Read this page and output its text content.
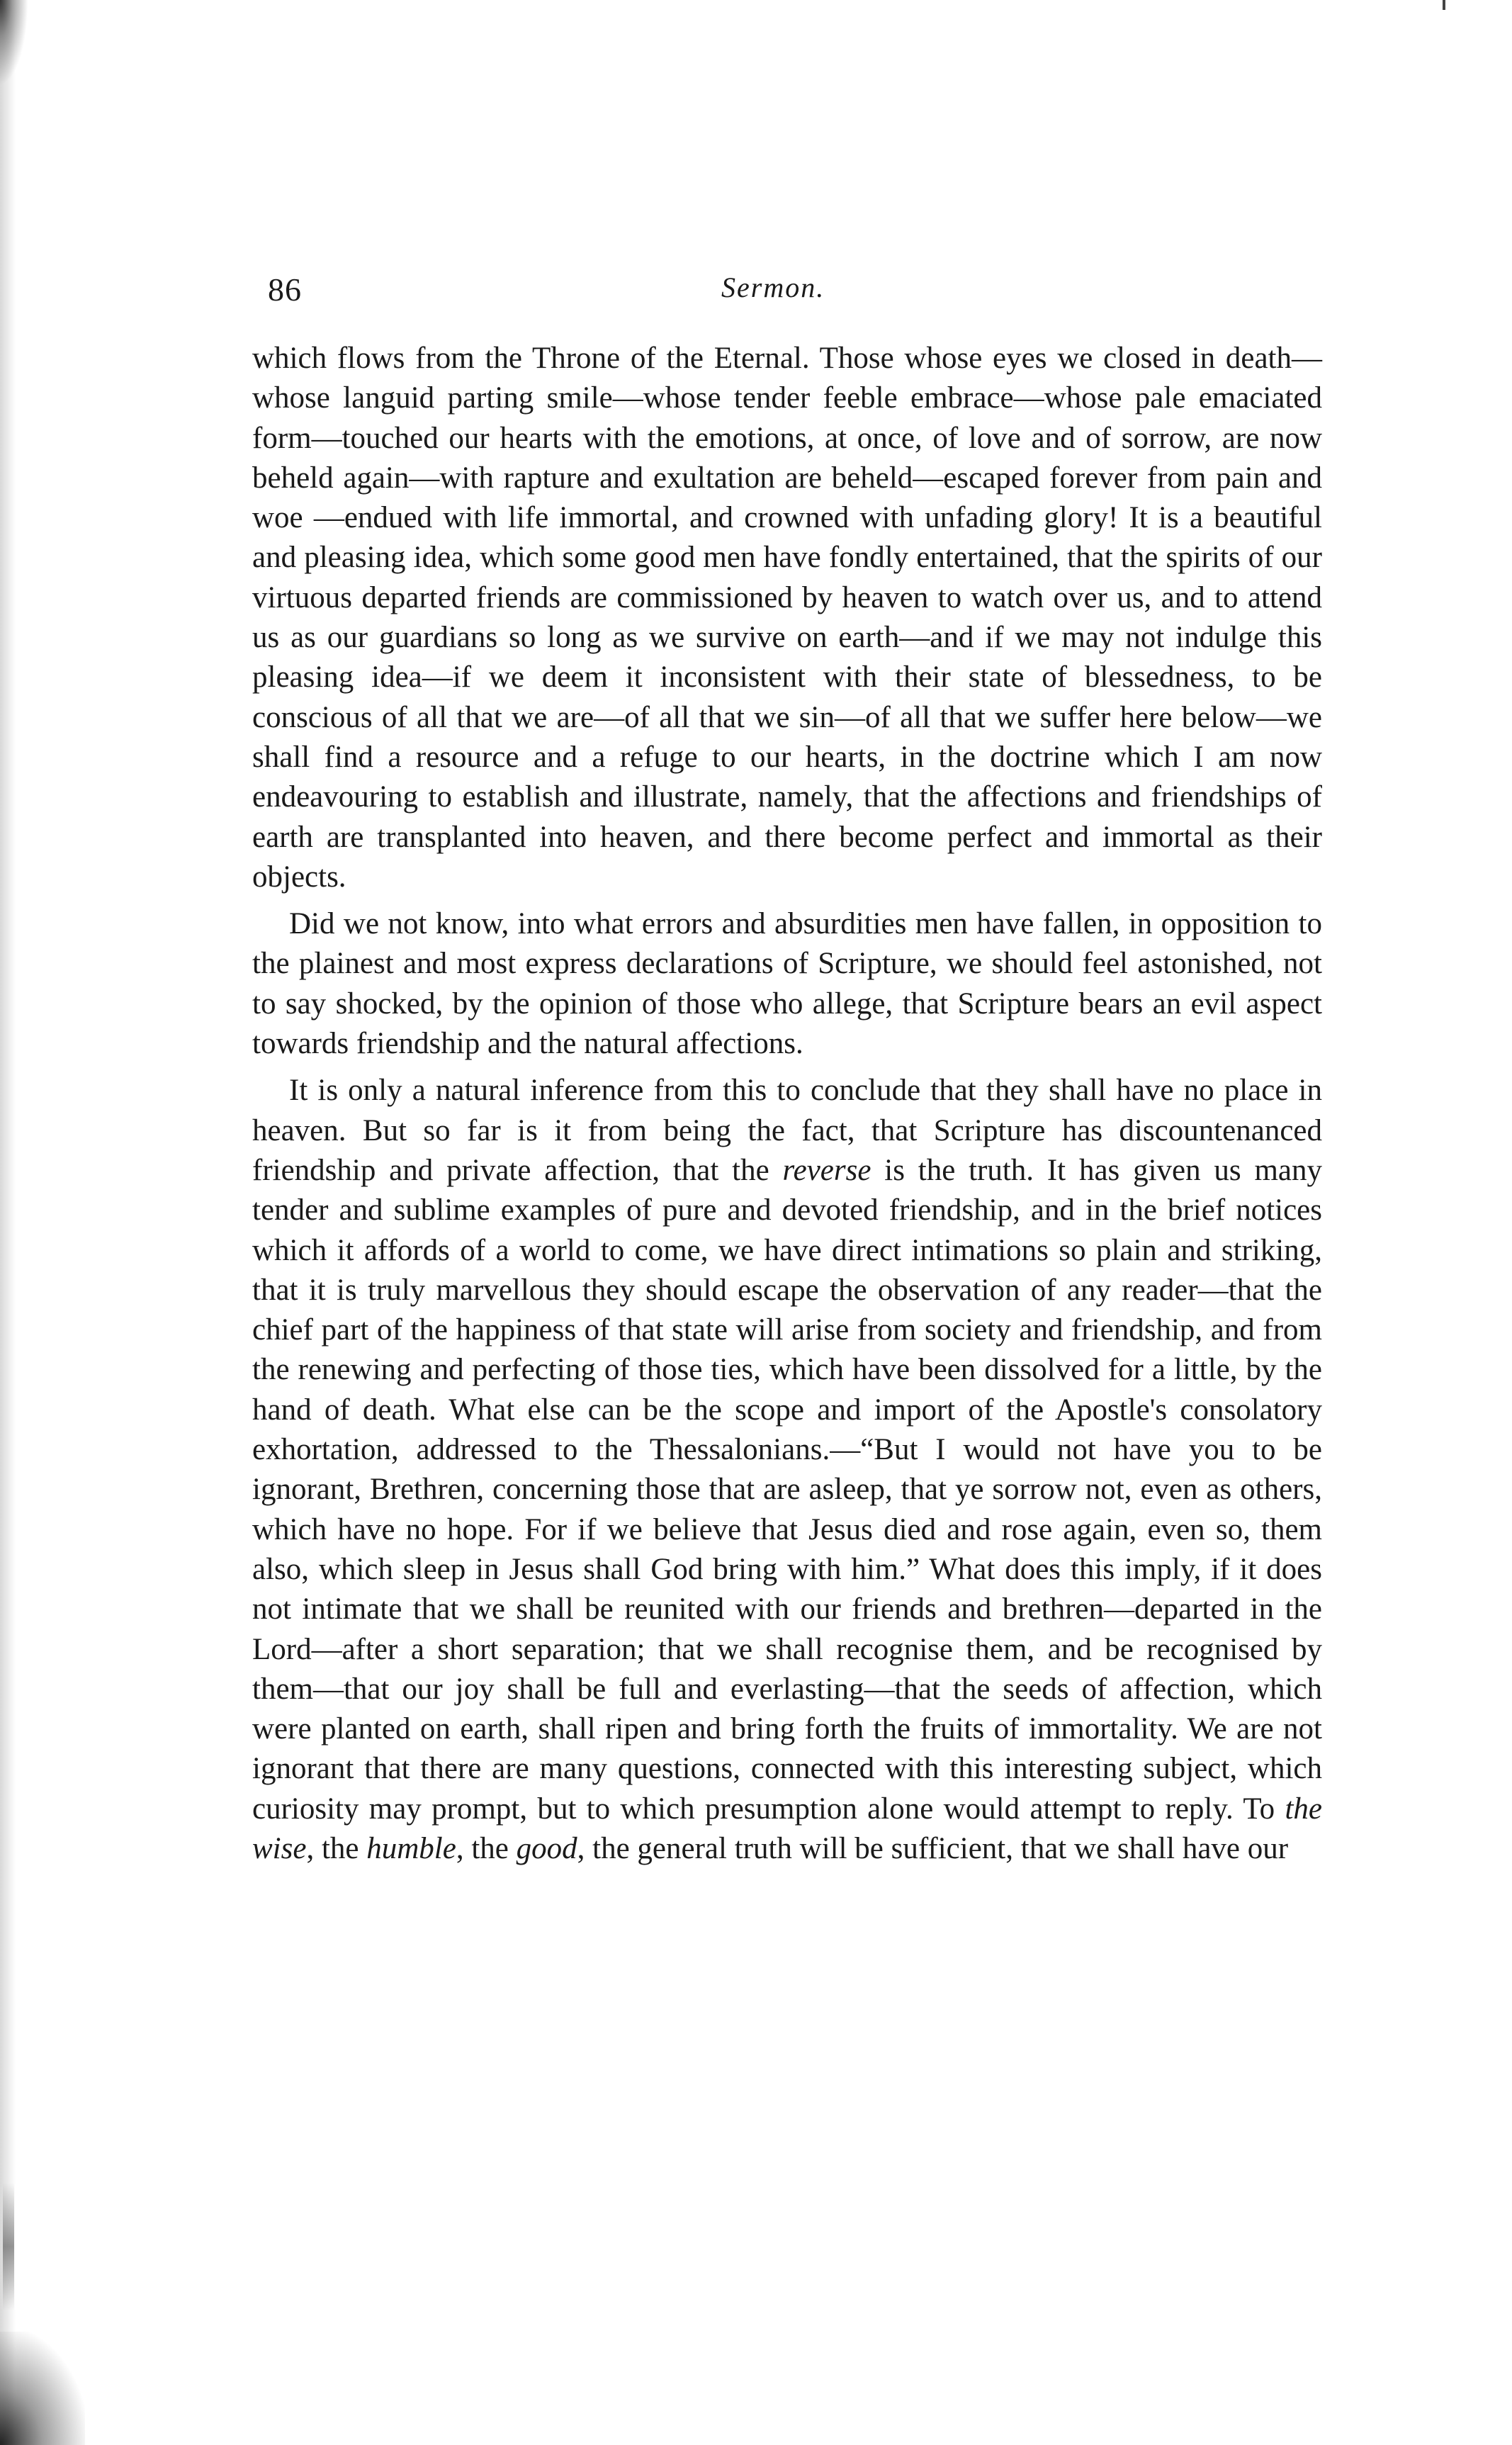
86	Sermon.

which flows from the Throne of the Eternal. Those whose eyes we closed in death—whose languid parting smile—whose tender feeble embrace—whose pale emaciated form—touched our hearts with the emotions, at once, of love and of sorrow, are now beheld again—with rapture and exultation are beheld—escaped forever from pain and woe —endued with life immortal, and crowned with unfading glory! It is a beautiful and pleasing idea, which some good men have fondly entertained, that the spirits of our virtuous departed friends are commissioned by heaven to watch over us, and to attend us as our guardians so long as we survive on earth—and if we may not indulge this pleasing idea—if we deem it inconsistent with their state of blessedness, to be conscious of all that we are—of all that we sin—of all that we suffer here below—we shall find a resource and a refuge to our hearts, in the doctrine which I am now endeavouring to establish and illustrate, namely, that the affections and friendships of earth are transplanted into heaven, and there become perfect and immortal as their objects.

Did we not know, into what errors and absurdities men have fallen, in opposition to the plainest and most express declarations of Scripture, we should feel astonished, not to say shocked, by the opinion of those who allege, that Scripture bears an evil aspect towards friendship and the natural affections.

It is only a natural inference from this to conclude that they shall have no place in heaven. But so far is it from being the fact, that Scripture has discountenanced friendship and private affection, that the reverse is the truth. It has given us many tender and sublime examples of pure and devoted friendship, and in the brief notices which it affords of a world to come, we have direct intimations so plain and striking, that it is truly marvellous they should escape the observation of any reader—that the chief part of the happiness of that state will arise from society and friendship, and from the renewing and perfecting of those ties, which have been dissolved for a little, by the hand of death. What else can be the scope and import of the Apostle's consolatory exhortation, addressed to the Thessalonians.—“But I would not have you to be ignorant, Brethren, concerning those that are asleep, that ye sorrow not, even as others, which have no hope. For if we believe that Jesus died and rose again, even so, them also, which sleep in Jesus shall God bring with him.” What does this imply, if it does not intimate that we shall be reunited with our friends and brethren—departed in the Lord—after a short separation; that we shall recognise them, and be recognised by them—that our joy shall be full and everlasting—that the seeds of affection, which were planted on earth, shall ripen and bring forth the fruits of immortality. We are not ignorant that there are many questions, connected with this interesting subject, which curiosity may prompt, but to which presumption alone would attempt to reply. To the wise, the humble, the good, the general truth will be sufficient, that we shall have our
